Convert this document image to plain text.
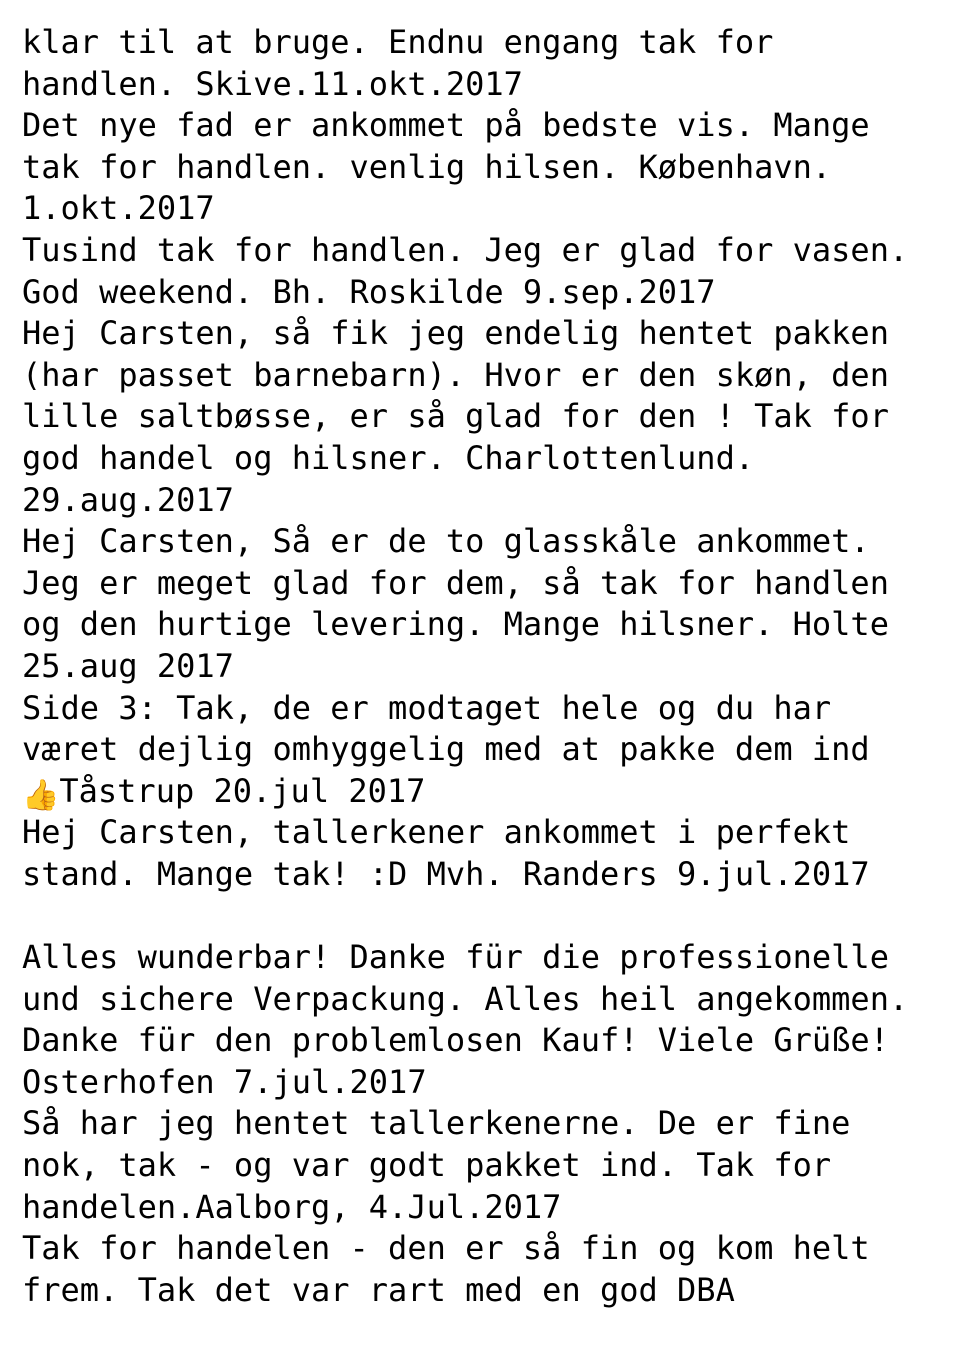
klar til at bruge. Endnu engang tak for
handlen. Skive.11.okt.2017
Det nye fad er ankommet på bedste vis. Mange
tak for handlen. venlig hilsen. København.
1.okt.2017
Tusind tak for handlen. Jeg er glad for vasen.
God weekend. Bh. Roskilde 9.sep.2017
Hej Carsten, så fik jeg endelig hentet pakken
(har passet barnebarn). Hvor er den skøn, den
lille saltbøsse, er så glad for den ! Tak for
god handel og hilsner. Charlottenlund.
29.aug.2017
Hej Carsten, Så er de to glasskåle ankommet.
Jeg er meget glad for dem, så tak for handlen
og den hurtige levering. Mange hilsner. Holte
25.aug 2017
Side 3: Tak, de er modtaget hele og du har
været dejlig omhyggelig med at pakke dem ind
👍Tåstrup 20.jul 2017
Hej Carsten, tallerkener ankommet i perfekt
stand. Mange tak! :D Mvh. Randers 9.jul.2017
Alles wunderbar! Danke für die professionelle
und sichere Verpackung. Alles heil angekommen.
Danke für den problemlosen Kauf! Viele Grüße!
Osterhofen 7.jul.2017
Så har jeg hentet tallerkenerne. De er fine
nok, tak - og var godt pakket ind. Tak for
handelen.Aalborg, 4.Jul.2017
Tak for handelen - den er så fin og kom helt
frem. Tak det var rart med en god DBA
